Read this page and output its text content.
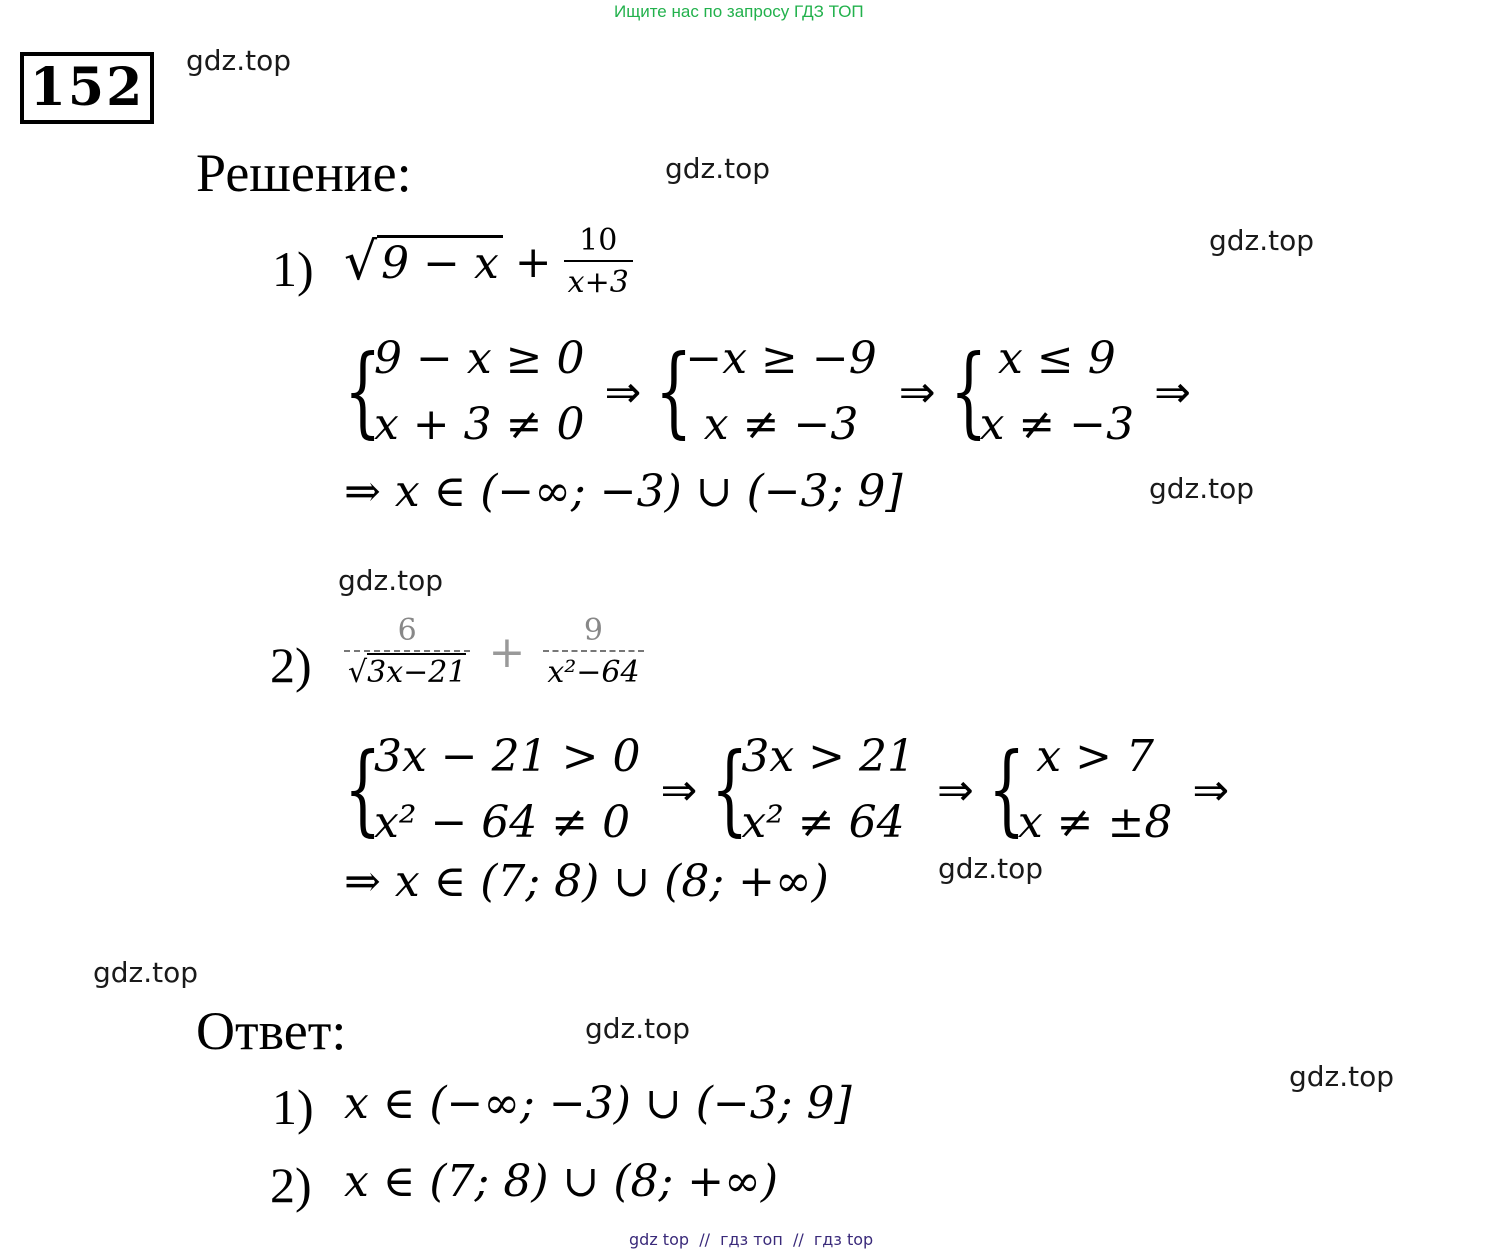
Ищите нас по запросу ГДЗ ТОП
152	gdz.top
gdz.top
gdz.top
gdz.top
gdz.top
gdz.top
gdz.top
gdz.top
gdz.top
Решение:
1) √ $9 - x + \frac{10}{x+3}$
{
9 − x ≥ 0
x + 3 ≠ 0
⇒ {
−x ≥ −9
x ≠ −3
⇒ { x ≤ 9
x ≠ −3
⇒
⇒ x ∈ (−∞; −3) ∪ (−3; 9]
$2) \frac{6}{√3x-21} + \frac{9}{\text{x²−64}}$
{
3x − 21 > 0
x² − 64 ≠ 0
⇒ {
3x > 21
x² ≠ 64
⇒ { x > 7
x ≠ ±8
⇒
⇒ x ∈ (7; 8) ∪ (8; +∞)
Ответ:
1) x ∈ (−∞; −3) ∪ (−3; 9]
2) x ∈ (7; 8) ∪ (8; +∞)
gdz top  //  гдз топ  //  гдз top
